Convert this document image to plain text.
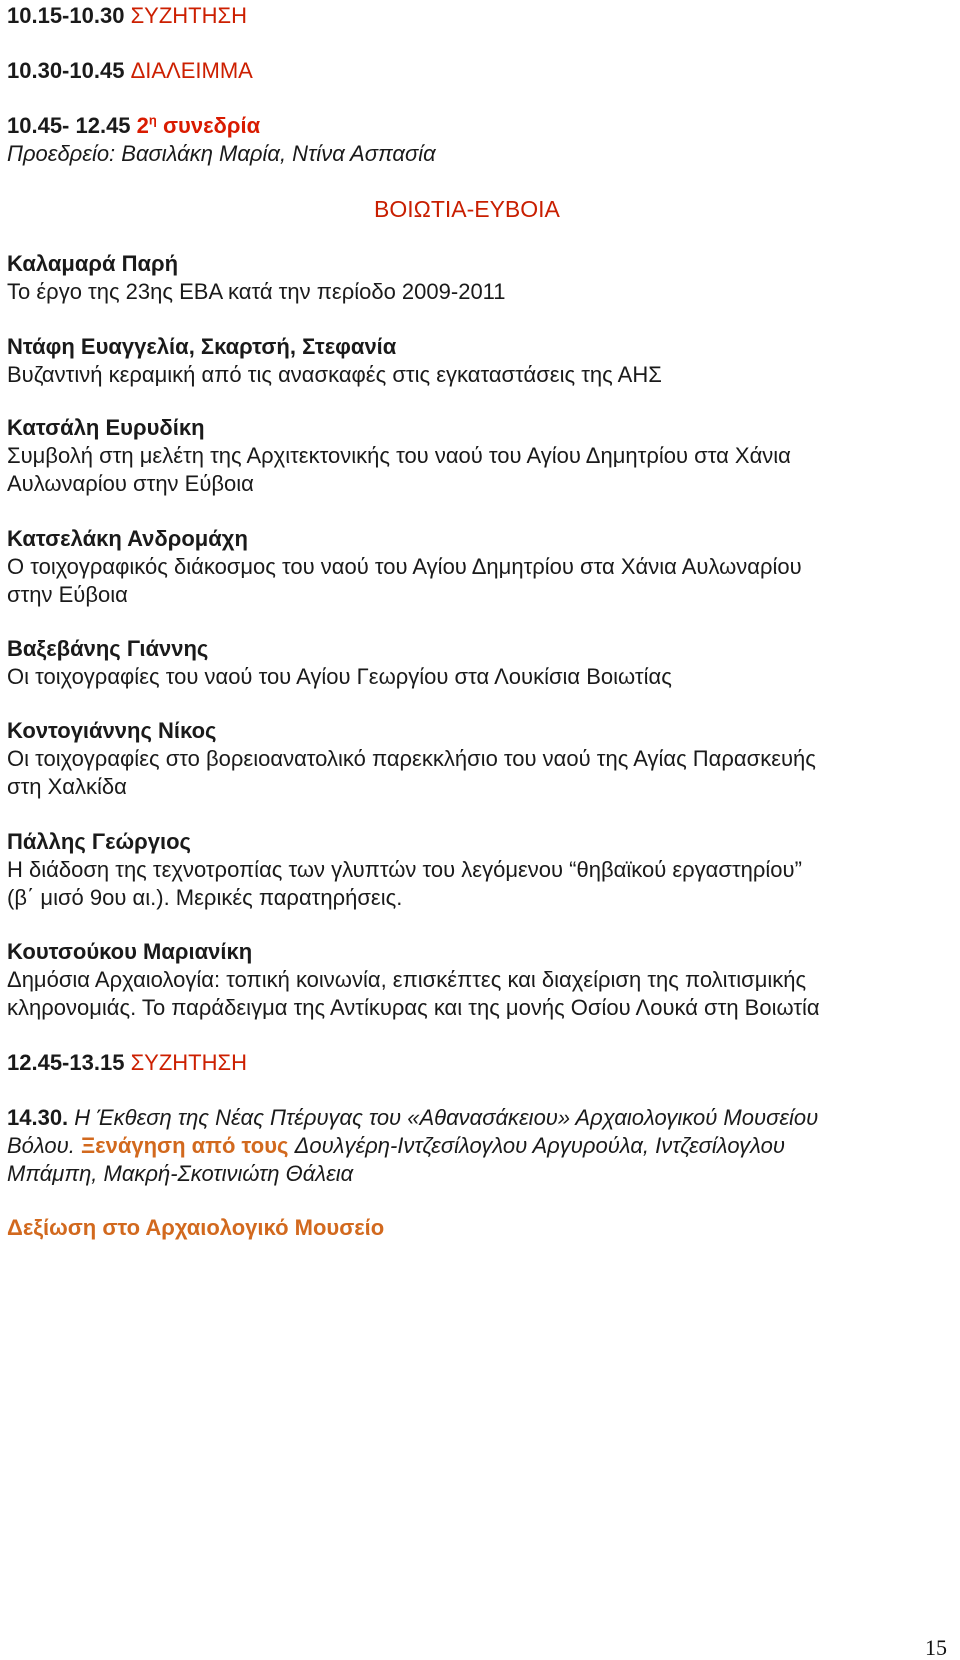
10.15-10.30 ΣΥΖΗΤΗΣΗ
10.30-10.45 ΔΙΑΛΕΙΜΜΑ
10.45- 12.45 $2^\eta$ συνεδρία
Προεδρείο: Βασιλάκη Μαρία, Ντίνα Ασπασία
ΒΟΙΩΤΙΑ-ΕΥΒΟΙΑ
Καλαμαρά Παρή
Το έργο της 23ης ΕΒΑ κατά την περίοδο 2009-2011
Ντάφη Ευαγγελία, Σκαρτσή, Στεφανία
Βυζαντινή κεραμική από τις ανασκαφές στις εγκαταστάσεις της ΑΗΣ
Κατσάλη Ευρυδίκη
Συμβολή στη μελέτη της Αρχιτεκτονικής του ναού του Αγίου Δημητρίου στα Χάνια
Αυλωναρίου στην Εύβοια
Κατσελάκη Ανδρομάχη
Ο τοιχογραφικός διάκοσμος του ναού του Αγίου Δημητρίου στα Χάνια Αυλωναρίου
στην Εύβοια
Βαξεβάνης Γιάννης
Οι τοιχογραφίες του ναού του Αγίου Γεωργίου στα Λουκίσια Βοιωτίας
Κοντογιάννης Νίκος
Οι τοιχογραφίες στο βορειοανατολικό παρεκκλήσιο του ναού της Αγίας Παρασκευής
στη Χαλκίδα
Πάλλης Γεώργιος
Η διάδοση της τεχνοτροπίας των γλυπτών του λεγόμενου “θηβαϊκού εργαστηρίου”
(β΄ μισό 9ου αι.). Μερικές παρατηρήσεις.
Κουτσούκου Μαριανίκη
Δημόσια Αρχαιολογία: τοπική κοινωνία, επισκέπτες και διαχείριση της πολιτισμικής
κληρονομιάς. Το παράδειγμα της Αντίκυρας και της μονής Οσίου Λουκά στη Βοιωτία
12.45-13.15 ΣΥΖΗΤΗΣΗ
14.30. Η Έκθεση της Νέας Πτέρυγας του «Αθανασάκειου» Αρχαιολογικού Μουσείου
Βόλου. Ξενάγηση από τους Δουλγέρη-Ιντζεσίλογλου Αργυρούλα, Ιντζεσίλογλου
Μπάμπη, Μακρή-Σκοτινιώτη Θάλεια
Δεξίωση στο Αρχαιολογικό Μουσείο
15
